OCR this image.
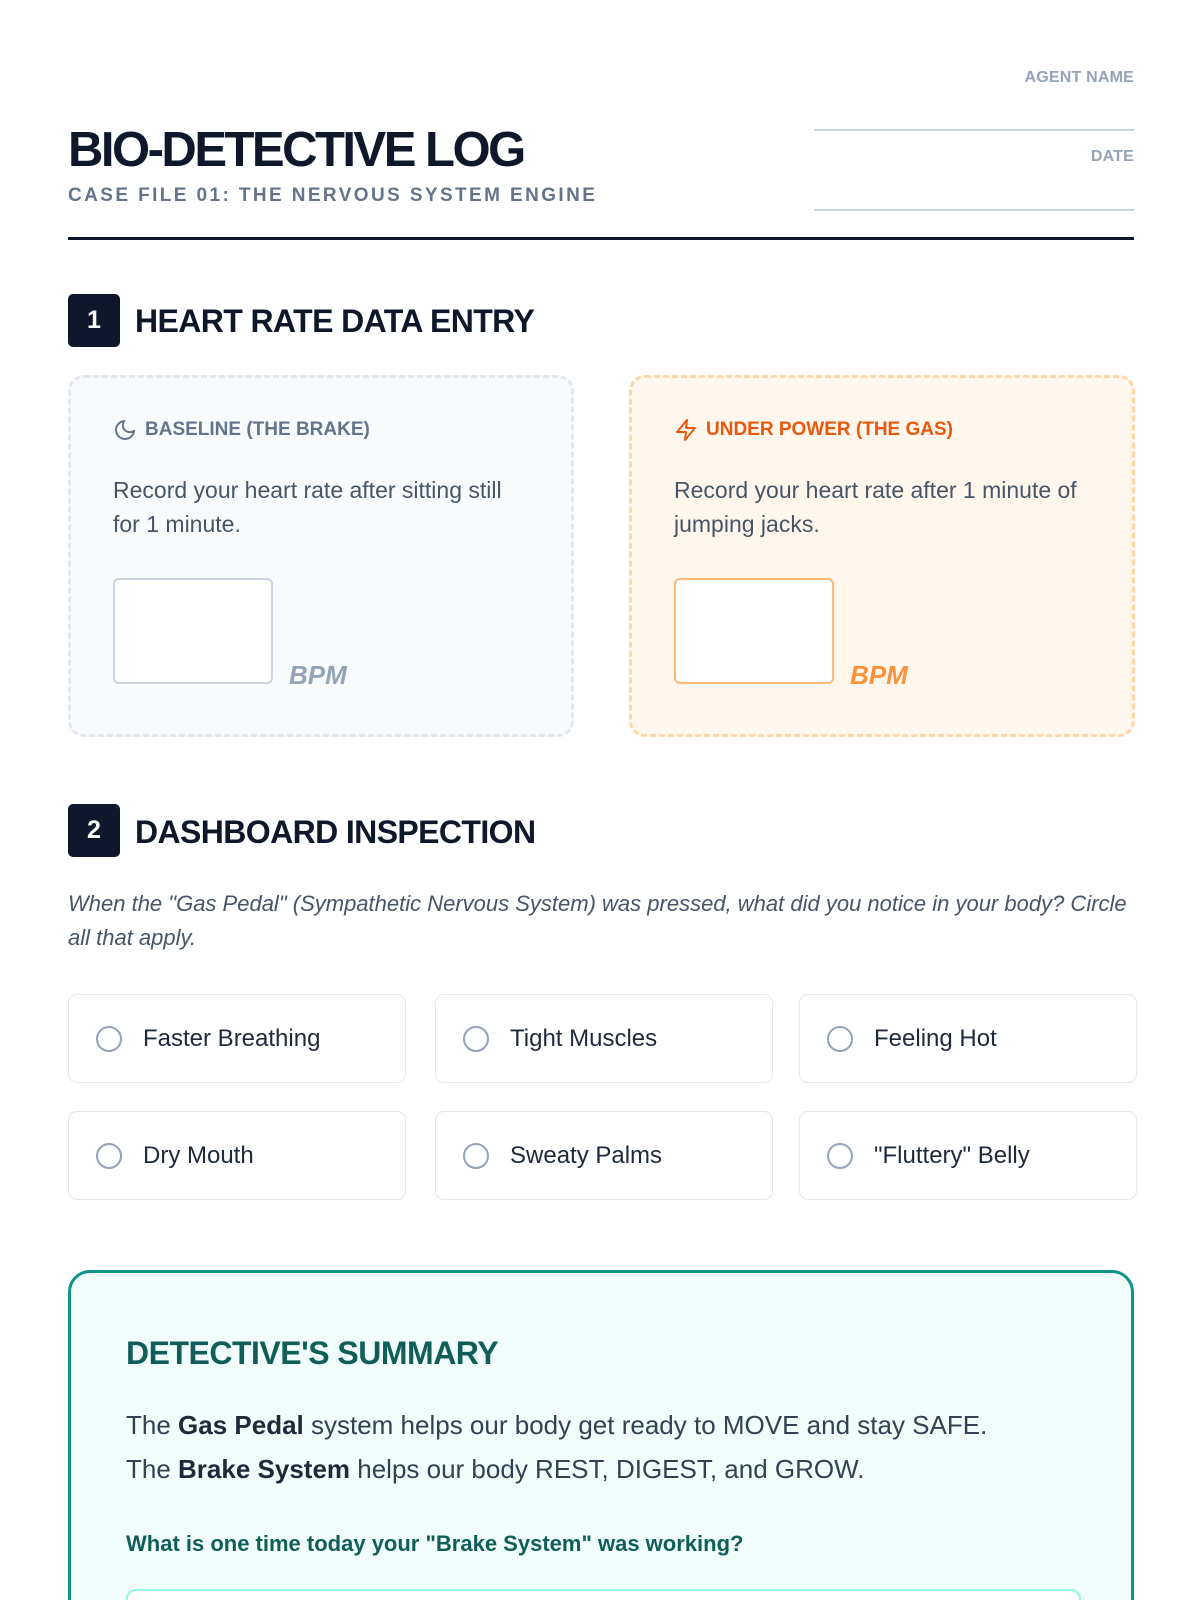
AGENT NAME
DATE
BIO-DETECTIVE LOG
CASE FILE 01: THE NERVOUS SYSTEM ENGINE
1	HEART RATE DATA ENTRY
BASELINE (THE BRAKE)
Record your heart rate after sitting still for 1 minute.
BPM
UNDER POWER (THE GAS)
Record your heart rate after 1 minute of jumping jacks.
BPM
2	DASHBOARD INSPECTION

When the "Gas Pedal" (Sympathetic Nervous System) was pressed, what did you notice in your body? Circle all that apply.

Faster Breathing	Tight Muscles	Feeling Hot
Dry Mouth	Sweaty Palms	"Fluttery" Belly
DETECTIVE'S SUMMARY
The Gas Pedal system helps our body get ready to MOVE and stay SAFE.
The Brake System helps our body REST, DIGEST, and GROW.
What is one time today your "Brake System" was working?
